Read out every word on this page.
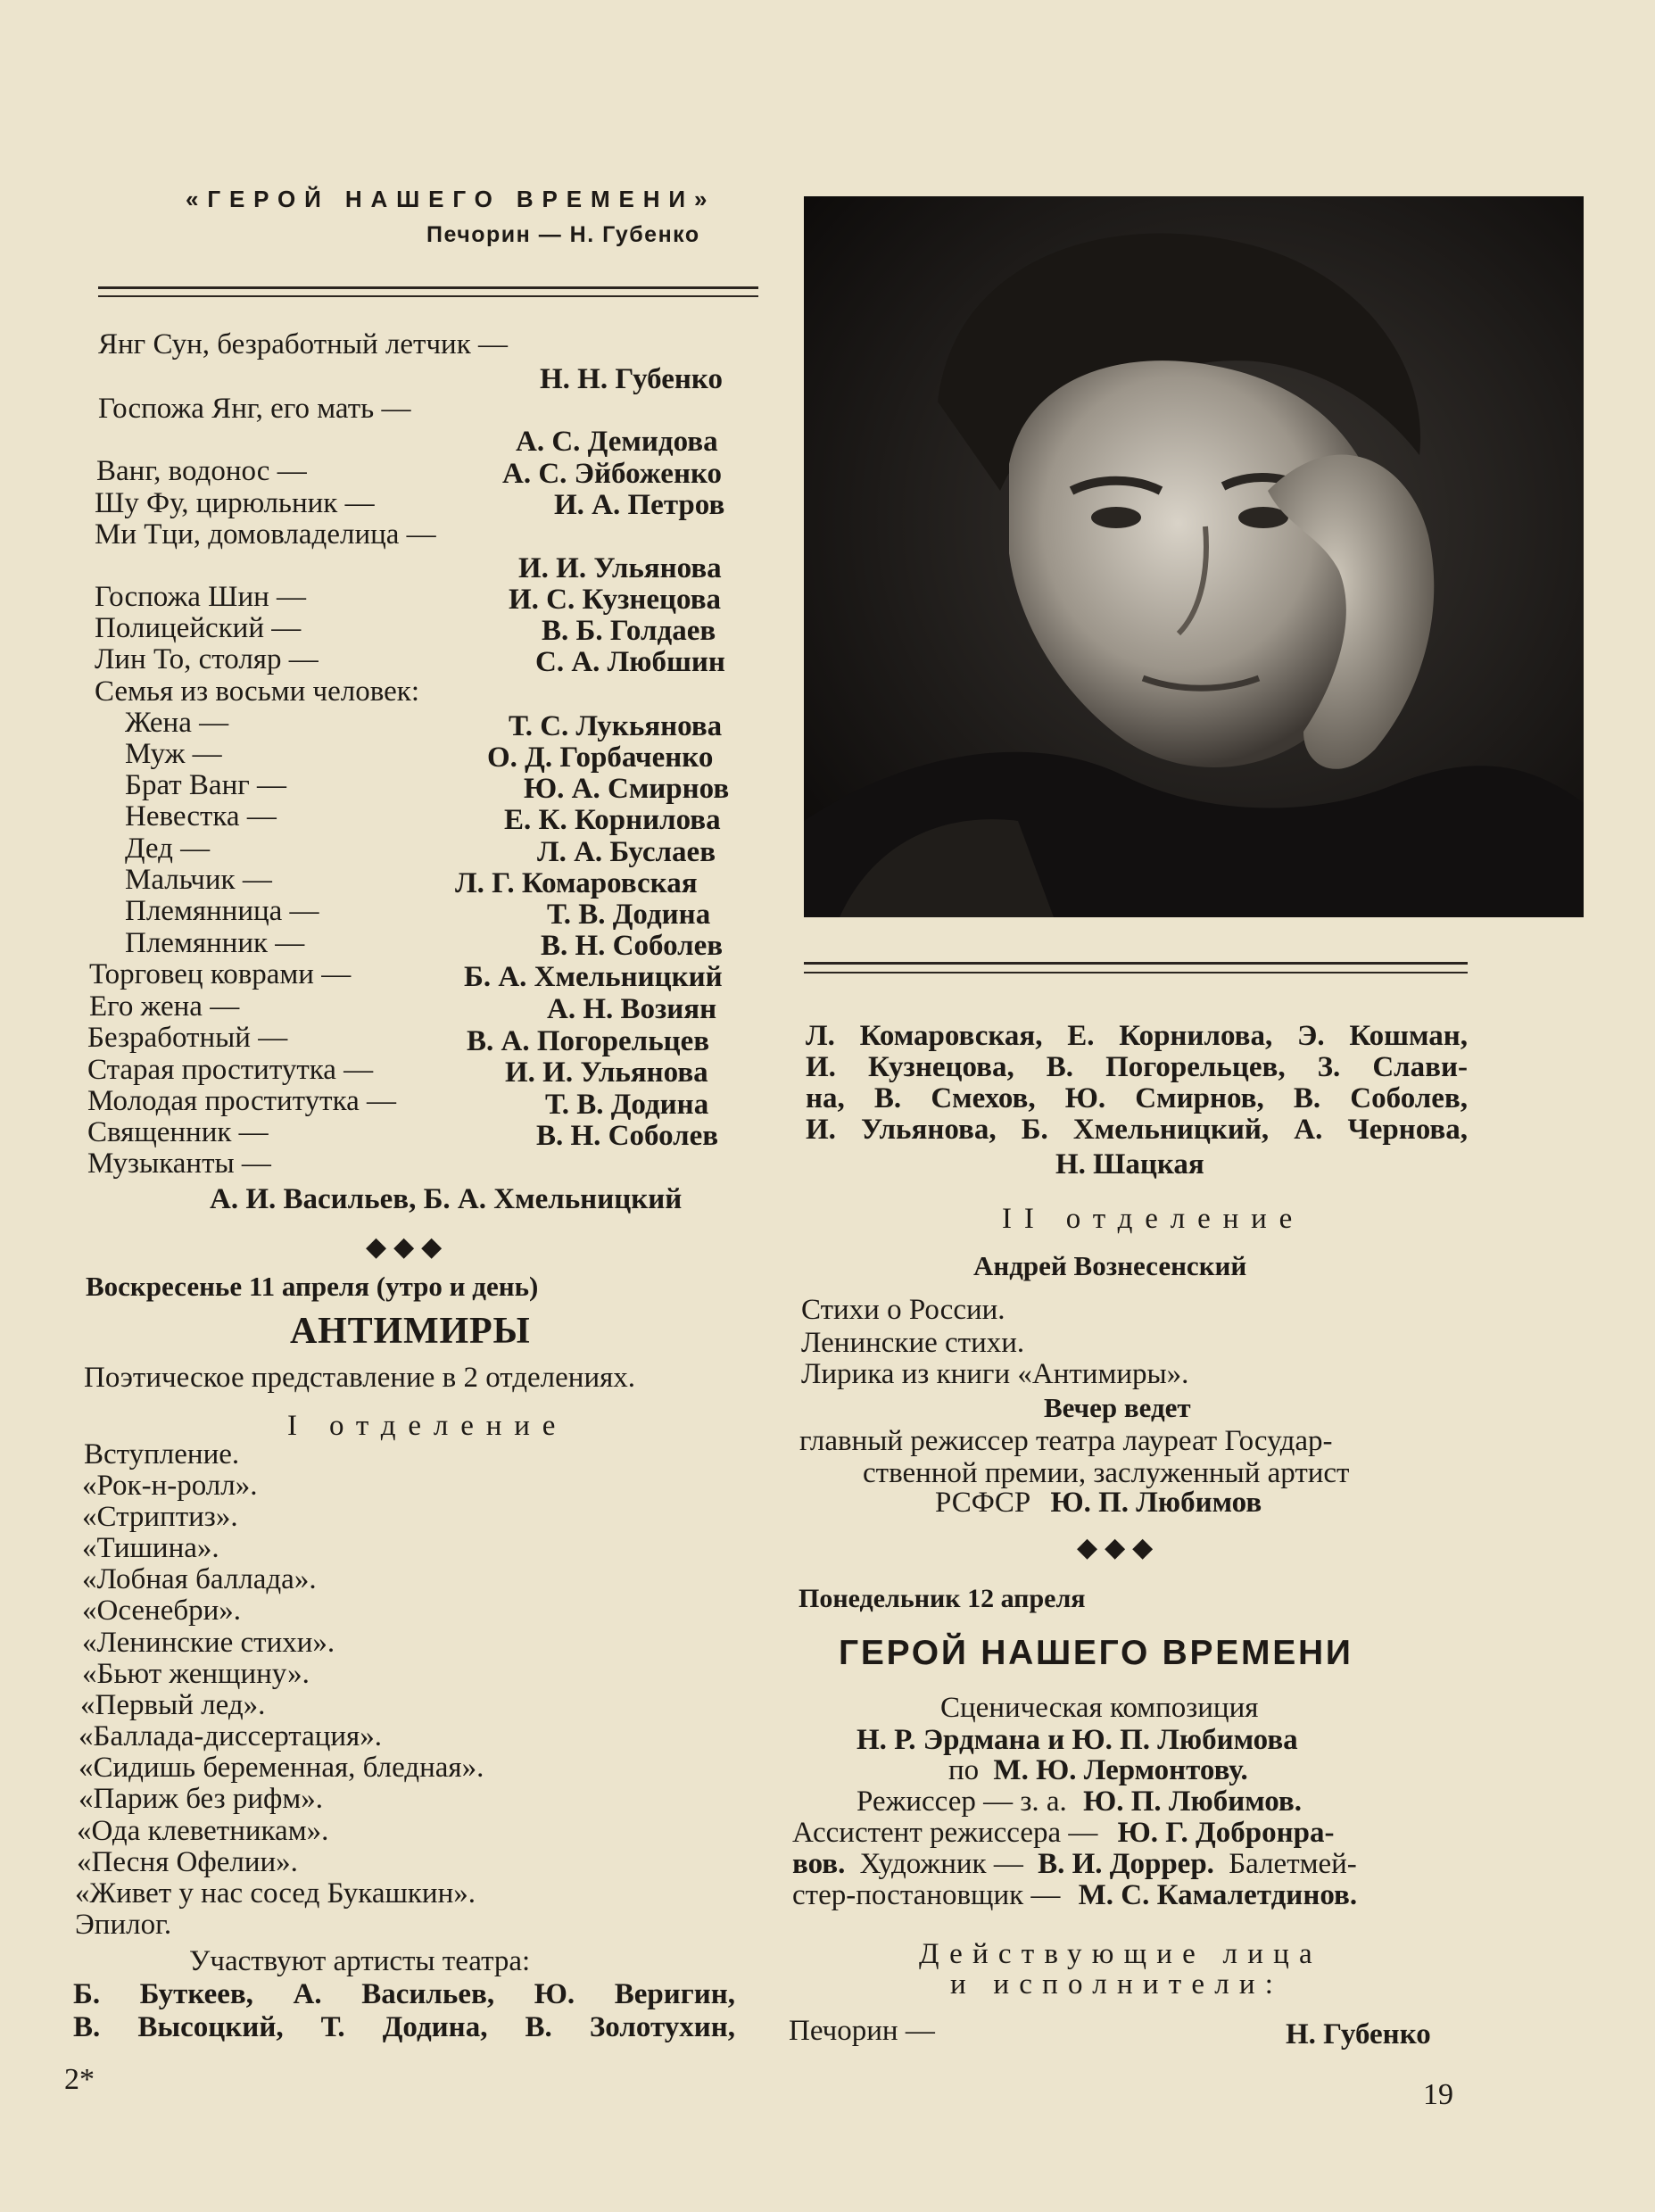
«ГЕРОЙ НАШЕГО ВРЕМЕНИ»
Печорин — Н. Губенко
Янг Сун, безработный летчик —
Н. Н. Губенко
Госпожа Янг, его мать —
А. С. Демидова
Ванг, водонос —	А. С. Эйбоженко
Шу Фу, цирюльник —	И. А. Петров
Ми Тци, домовладелица —
И. И. Ульянова
Госпожа Шин —	И. С. Кузнецова
Полицейский —	В. Б. Голдаев
Лин То, столяр —	С. А. Любшин
Семья из восьми человек:
Жена —	Т. С. Лукьянова
Муж —	О. Д. Горбаченко
Брат Ванг —	Ю. А. Смирнов
Невестка —	Е. К. Корнилова
Дед —	Л. А. Буслаев
Мальчик —	Л. Г. Комаровская
Племянница —	Т. В. Додина
Племянник —	В. Н. Соболев
Торговец коврами —	Б. А. Хмельницкий
Его жена —	А. Н. Возиян
Безработный —	В. А. Погорельцев
Старая проститутка —	И. И. Ульянова
Молодая проститутка —	Т. В. Додина
Священник —	В. Н. Соболев
Музыканты —
А. И. Васильев, Б. А. Хмельницкий
◆◆◆
Воскресенье 11 апреля (утро и день)
АНТИМИРЫ
Поэтическое представление в 2 отделениях.
I отделение
Вступление.
«Рок-н-ролл».
«Стриптиз».
«Тишина».
«Лобная баллада».
«Осенебри».
«Ленинские стихи».
«Бьют женщину».
«Первый лед».
«Баллада-диссертация».
«Сидишь беременная, бледная».
«Париж без рифм».
«Ода клеветникам».
«Песня Офелии».
«Живет у нас сосед Букашкин».
Эпилог.
Участвуют артисты театра:
Б. Буткеев, А. Васильев, Ю. Веригин,
В. Высоцкий, Т. Додина, В. Золотухин,
Л. Комаровская, Е. Корнилова, Э. Кошман,
И. Кузнецова, В. Погорельцев, З. Слави-
на, В. Смехов, Ю. Смирнов, В. Соболев,
И. Ульянова, Б. Хмельницкий, А. Чернова,
Н. Шацкая
II отделение
Андрей Вознесенский
Стихи о России.
Ленинские стихи.
Лирика из книги «Антимиры».
Вечер ведет
главный режиссер театра лауреат Государ-
ственной премии, заслуженный артист
РСФСР Ю. П. Любимов
◆◆◆
Понедельник 12 апреля
ГЕРОЙ НАШЕГО ВРЕМЕНИ
Сценическая композиция
Н. Р. Эрдмана и Ю. П. Любимова
по М. Ю. Лермонтову.
Режиссер — з. а. Ю. П. Любимов.
Ассистент режиссера — Ю. Г. Добронра-
вов. Художник — В. И. Доррер. Балетмей-
стер-постановщик — М. С. Камалетдинов.
Действующие лица
и исполнители:
Печорин —	Н. Губенко
2*	19
